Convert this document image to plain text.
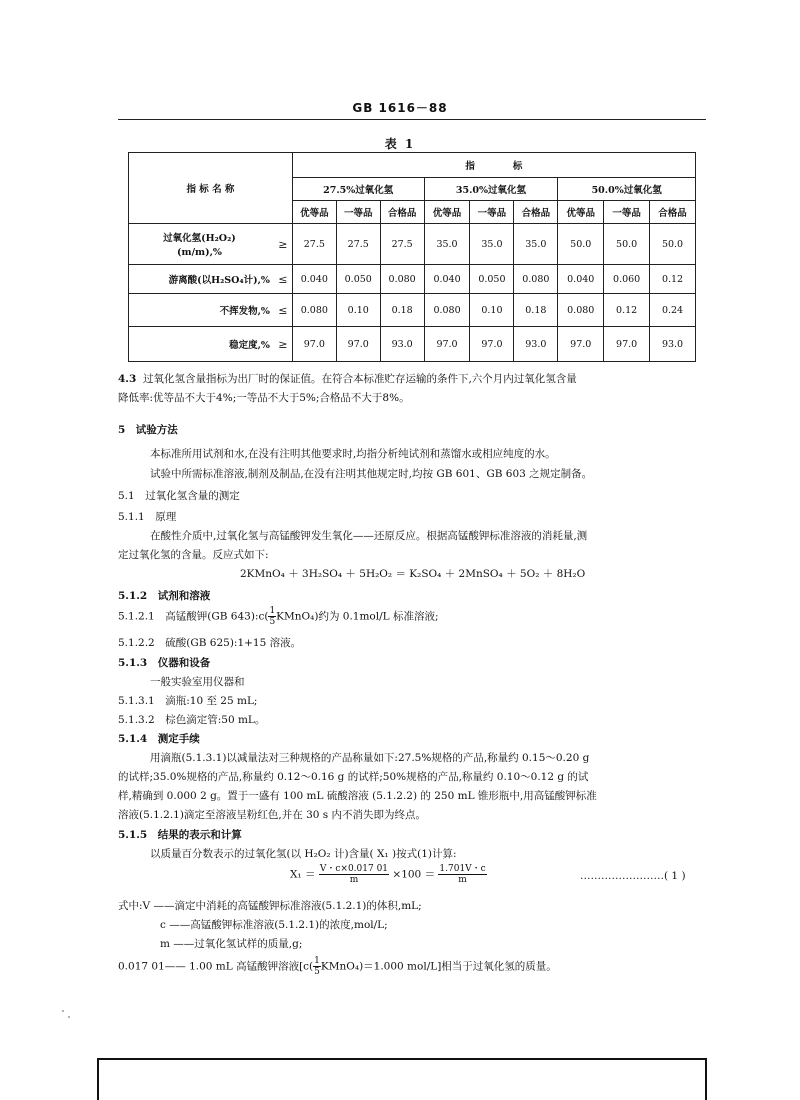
GB 1616－88
表 1
指 标 名 称		指　　　　标								
		27.5%过氧化氢			35.0%过氧化氢			50.0%过氧化氢		
		优等品	一等品	合格品	优等品	一等品	合格品	优等品	一等品	合格品

过氧化氢(H₂O₂)
(m/m),%	≥	27.5	27.5	27.5	35.0	35.0	35.0	50.0	50.0	50.0
游离酸(以H₂SO₄计),%	≤	0.040	0.050	0.080	0.040	0.050	0.080	0.040	0.060	0.12
不挥发物,%	≤	0.080	0.10	0.18	0.080	0.10	0.18	0.080	0.12	0.24
稳定度,%	≥	97.0	97.0	93.0	97.0	97.0	93.0	97.0	97.0	93.0
4.3 过氧化氢含量指标为出厂时的保证值。在符合本标准贮存运输的条件下,六个月内过氧化氢含量
降低率:优等品不大于4%;一等品不大于5%;合格品不大于8%。
5　试验方法
本标准所用试剂和水,在没有注明其他要求时,均指分析纯试剂和蒸馏水或相应纯度的水。
试验中所需标准溶液,制剂及制品,在没有注明其他规定时,均按 GB 601、GB 603 之规定制备。
5.1　过氧化氢含量的测定
5.1.1　原理
在酸性介质中,过氧化氢与高锰酸钾发生氧化——还原反应。根据高锰酸钾标准溶液的消耗量,测
定过氧化氢的含量。反应式如下:
2KMnO₄ ＋ 3H₂SO₄ ＋ 5H₂O₂ ＝ K₂SO₄ ＋ 2MnSO₄ ＋ 5O₂ ＋ 8H₂O
5.1.2　试剂和溶液
5.1.2.1　高锰酸钾(GB 643):c( $\frac{1}{5}$ KMnO₄)约为 0.1mol/L 标准溶液;
5.1.2.2　硫酸(GB 625):1+15 溶液。
5.1.3　仪器和设备
一般实验室用仪器和
5.1.3.1　滴瓶:10 至 25 mL;
5.1.3.2　棕色滴定管:50 mL。
5.1.4　测定手续
用滴瓶(5.1.3.1)以减量法对三种规格的产品称量如下:27.5%规格的产品,称量约 0.15～0.20 g
的试样;35.0%规格的产品,称量约 0.12～0.16 g 的试样;50%规格的产品,称量约 0.10～0.12 g 的试
样,精确到 0.000 2 g。置于一盛有 100 mL 硫酸溶液 (5.1.2.2) 的 250 mL 锥形瓶中,用高锰酸钾标准
溶液(5.1.2.1)滴定至溶液呈粉红色,并在 30 s 内不消失即为终点。
5.1.5　结果的表示和计算
以质量百分数表示的过氧化氢(以 H₂O₂ 计)含量( X₁ )按式(1)计算:
$X_1 = \frac{V・c\times 0.017 01}{m} \times 100 = \frac{1.701V・c}{m}$	……………………( 1 )
式中:V ——滴定中消耗的高锰酸钾标准溶液(5.1.2.1)的体积,mL;
c ——高锰酸钾标准溶液(5.1.2.1)的浓度,mol/L;
m ——过氧化氢试样的质量,g;
0.017 01—— 1.00 mL 高锰酸钾溶液[$c( \frac{1}{5}$ KMnO₄)＝1.000 mol/L]相当于过氧化氢的质量。
